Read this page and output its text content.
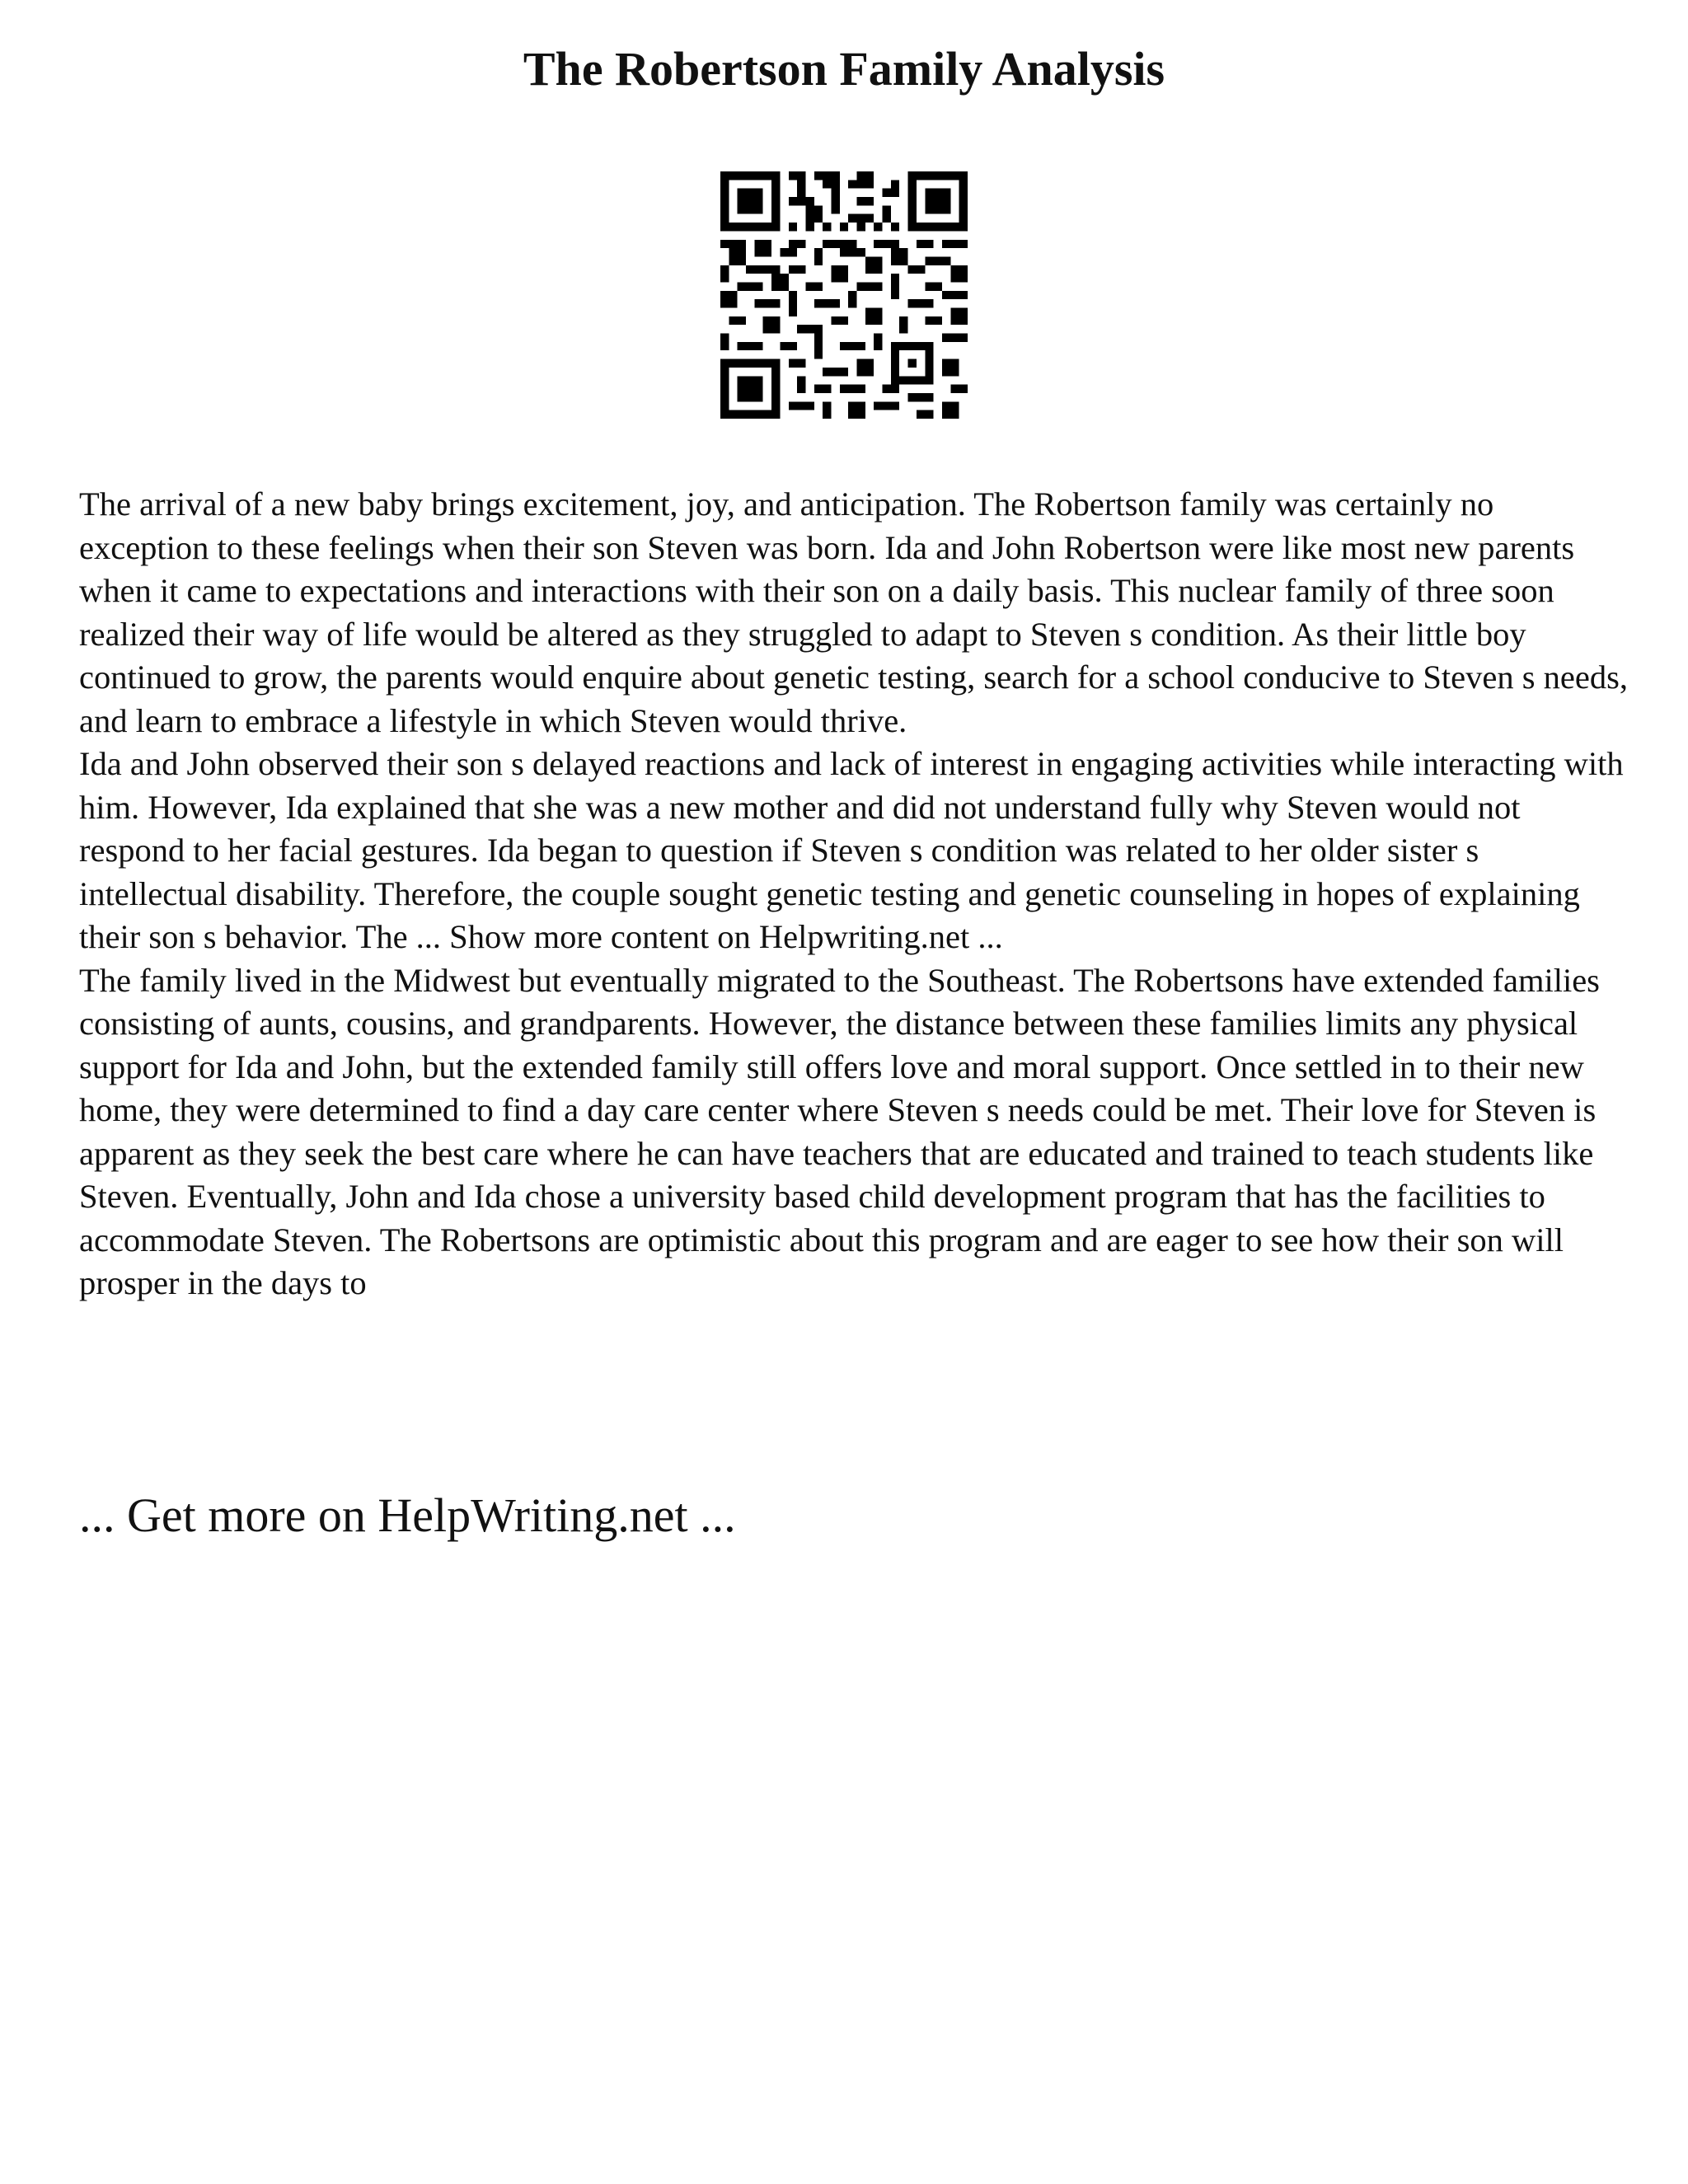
The Robertson Family Analysis

The arrival of a new baby brings excitement, joy, and anticipation. The Robertson family was certainly no exception to these feelings when their son Steven was born. Ida and John Robertson were like most new parents when it came to expectations and interactions with their son on a daily basis. This nuclear family of three soon realized their way of life would be altered as they struggled to adapt to Steven s condition. As their little boy continued to grow, the parents would enquire about genetic testing, search for a school conducive to Steven s needs, and learn to embrace a lifestyle in which Steven would thrive.

Ida and John observed their son s delayed reactions and lack of interest in engaging activities while interacting with him. However, Ida explained that she was a new mother and did not understand fully why Steven would not respond to her facial gestures. Ida began to question if Steven s condition was related to her older sister s intellectual disability. Therefore, the couple sought genetic testing and genetic counseling in hopes of explaining their son s behavior. The ... Show more content on Helpwriting.net ...

The family lived in the Midwest but eventually migrated to the Southeast. The Robertsons have extended families consisting of aunts, cousins, and grandparents. However, the distance between these families limits any physical support for Ida and John, but the extended family still offers love and moral support. Once settled in to their new home, they were determined to find a day care center where Steven s needs could be met. Their love for Steven is apparent as they seek the best care where he can have teachers that are educated and trained to teach students like Steven. Eventually, John and Ida chose a university based child development program that has the facilities to accommodate Steven. The Robertsons are optimistic about this program and are eager to see how their son will prosper in the days to

... Get more on HelpWriting.net ...
